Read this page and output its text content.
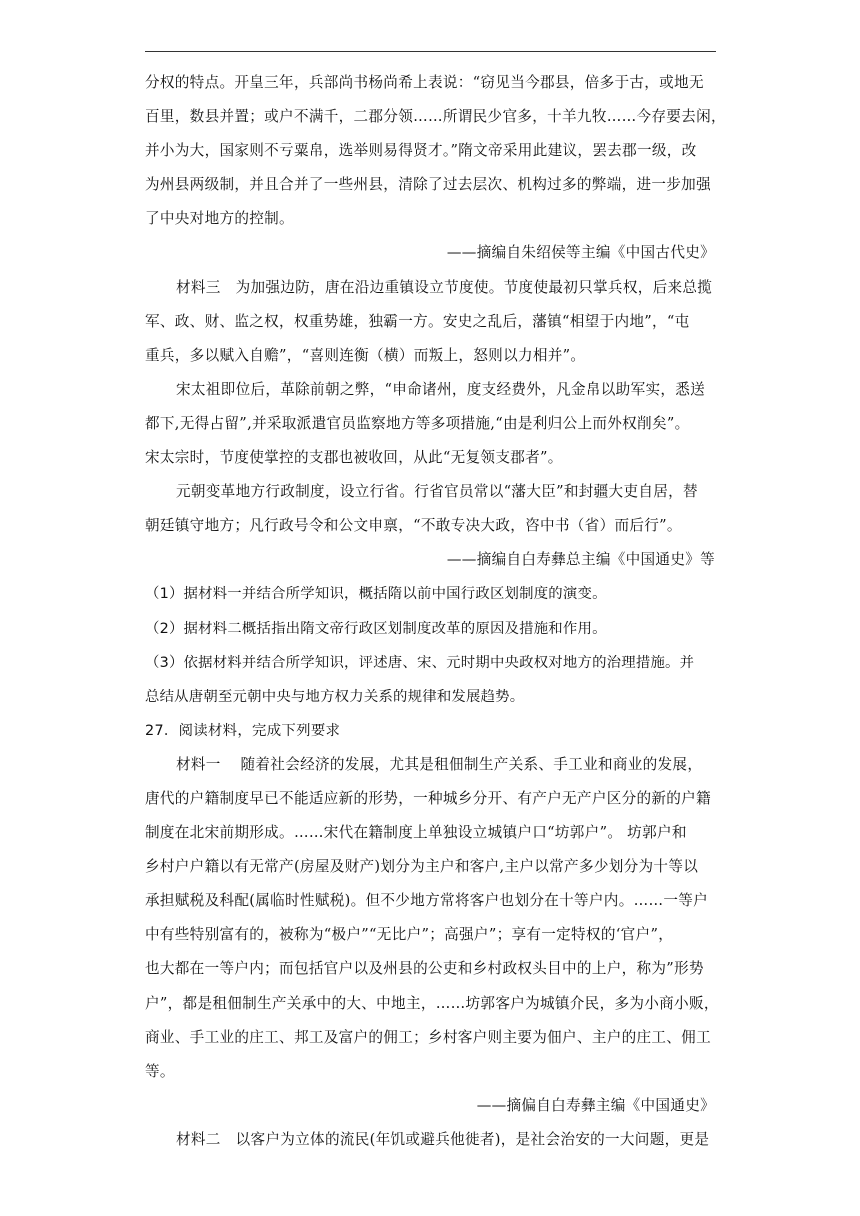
分权的特点。开皇三年，兵部尚书杨尚希上表说：“窃见当今郡县，倍多于古，或地无
百里，数县并置；或户不满千，二郡分领……所谓民少官多，十羊九牧……今存要去闲，
并小为大，国家则不亏粟帛，选举则易得贤才。”隋文帝采用此建议，罢去郡一级，改
为州县两级制，并且合并了一些州县，清除了过去层次、机构过多的弊端，进一步加强
了中央对地方的控制。
——摘编自朱绍侯等主编《中国古代史》
材料三　为加强边防，唐在沿边重镇设立节度使。节度使最初只掌兵权，后来总揽
军、政、财、监之权，权重势雄，独霸一方。安史之乱后，藩镇“相望于内地”，“屯
重兵，多以赋入自赡”，“喜则连衡（横）而叛上，怒则以力相并”。
宋太祖即位后，革除前朝之弊，“申命诸州，度支经费外，凡金帛以助军实，悉送
都下,无得占留”,并采取派遣官员监察地方等多项措施,“由是利归公上而外权削矣”。
宋太宗时，节度使掌控的支郡也被收回，从此“无复领支郡者”。
元朝变革地方行政制度，设立行省。行省官员常以“藩大臣”和封疆大吏自居，替
朝廷镇守地方；凡行政号令和公文申禀，“不敢专决大政，咨中书（省）而后行”。
——摘编自白寿彝总主编《中国通史》等
（1）据材料一并结合所学知识，概括隋以前中国行政区划制度的演变。
（2）据材料二概括指出隋文帝行政区划制度改革的原因及措施和作用。
（3）依据材料并结合所学知识，评述唐、宋、元时期中央政权对地方的治理措施。并
总结从唐朝至元朝中央与地方权力关系的规律和发展趋势。
27．阅读材料，完成下列要求
材料一　 随着社会经济的发展，尤其是租佃制生产关系、手工业和商业的发展，
唐代的户籍制度早已不能适应新的形势，一种城乡分开、有产户无产户区分的新的户籍
制度在北宋前期形成。……宋代在籍制度上单独设立城镇户口“坊郭户”。 坊郭户和
乡村户户籍以有无常产(房屋及财产)划分为主户和客户,主户以常产多少划分为十等以
承担赋税及科配(属临时性赋税)。但不少地方常将客户也划分在十等户内。……一等户
中有些特别富有的，被称为“极户”“无比户”；高强户”；享有一定特权的‘官户”，
也大都在一等户内；而包括官户以及州县的公吏和乡村政权头目中的上户，称为”形势
户”，都是租佃制生产关承中的大、中地主，……坊郭客户为城镇介民，多为小商小贩，
商业、手工业的庄工、邦工及富户的佣工；乡村客户则主要为佃户、主户的庄工、佣工
等。
——摘偏自白寿彝主编《中国通史》
材料二　以客户为立体的流民(年饥或避兵他徙者)，是社会治安的一大问题，更是
